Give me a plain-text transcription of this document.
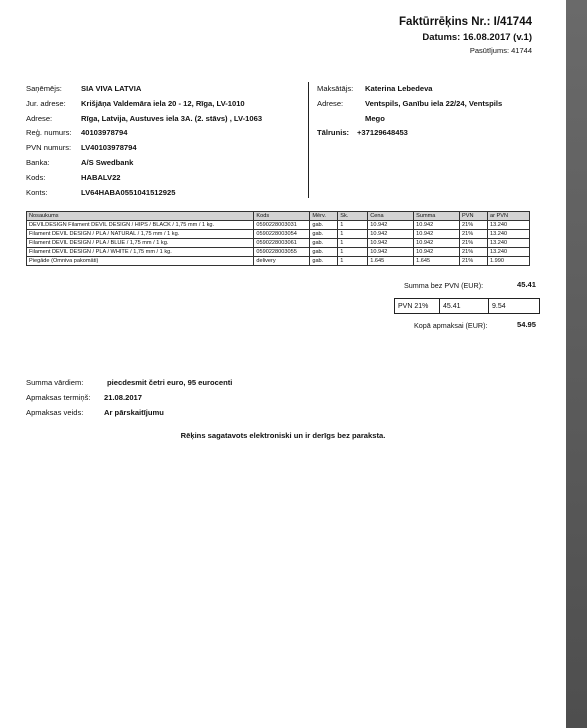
Faktūrrēķins Nr.: I/41744
Datums: 16.08.2017 (v.1)
Pasūtījums: 41744
Saņēmējs:	SIA VIVA LATVIA
Jur. adrese: Krišjāņa Valdemāra iela 20 - 12, Rīga, LV-1010
Adrese:	Rīga, Latvija, Austuves iela 3A. (2. stāvs) , LV-1063
Reģ. numurs: 40103978794
PVN numurs: LV40103978794
Banka:	A/S Swedbank
Kods:	HABALV22
Konts:	LV64HABA0551041512925
Maksātājs: Katerina Lebedeva
Adrese:	Ventspils, Ganību iela 22/24, Ventspils
Mego
Tālrunis: +37129648453
Nosaukums	Kods	Mērv.	Sk.	Cena	Summa	PVN	ar PVN
DEVILDESIGN Filament DEVIL DESIGN / HIPS / BLACK / 1,75 mm / 1 kg.	0590228003031	gab.	1	10.942	10.942	21%	13.240
Filament DEVIL DESIGN / PLA / NATURAL / 1,75 mm / 1 kg.	0590228003054	gab.	1	10.942	10.942	21%	13.240
Filament DEVIL DESIGN / PLA / BLUE / 1,75 mm / 1 kg.	0590228003061	gab.	1	10.942	10.942	21%	13.240
Filament DEVIL DESIGN / PLA / WHITE / 1,75 mm / 1 kg.	0590228003055	gab.	1	10.942	10.942	21%	13.240
Piegāde (Omniva pakomāti)	delivery	gab.	1	1.645	1.645	21%	1.990
Summa bez PVN (EUR):	45.41
PVN 21%	45.41	9.54
Kopā apmaksai (EUR):	54.95
Summa vārdiem:	piecdesmit četri euro, 95 eurocenti
Apmaksas termiņš: 21.08.2017
Apmaksas veids:	Ar pārskaitījumu
Rēķins sagatavots elektroniski un ir derīgs bez paraksta.
